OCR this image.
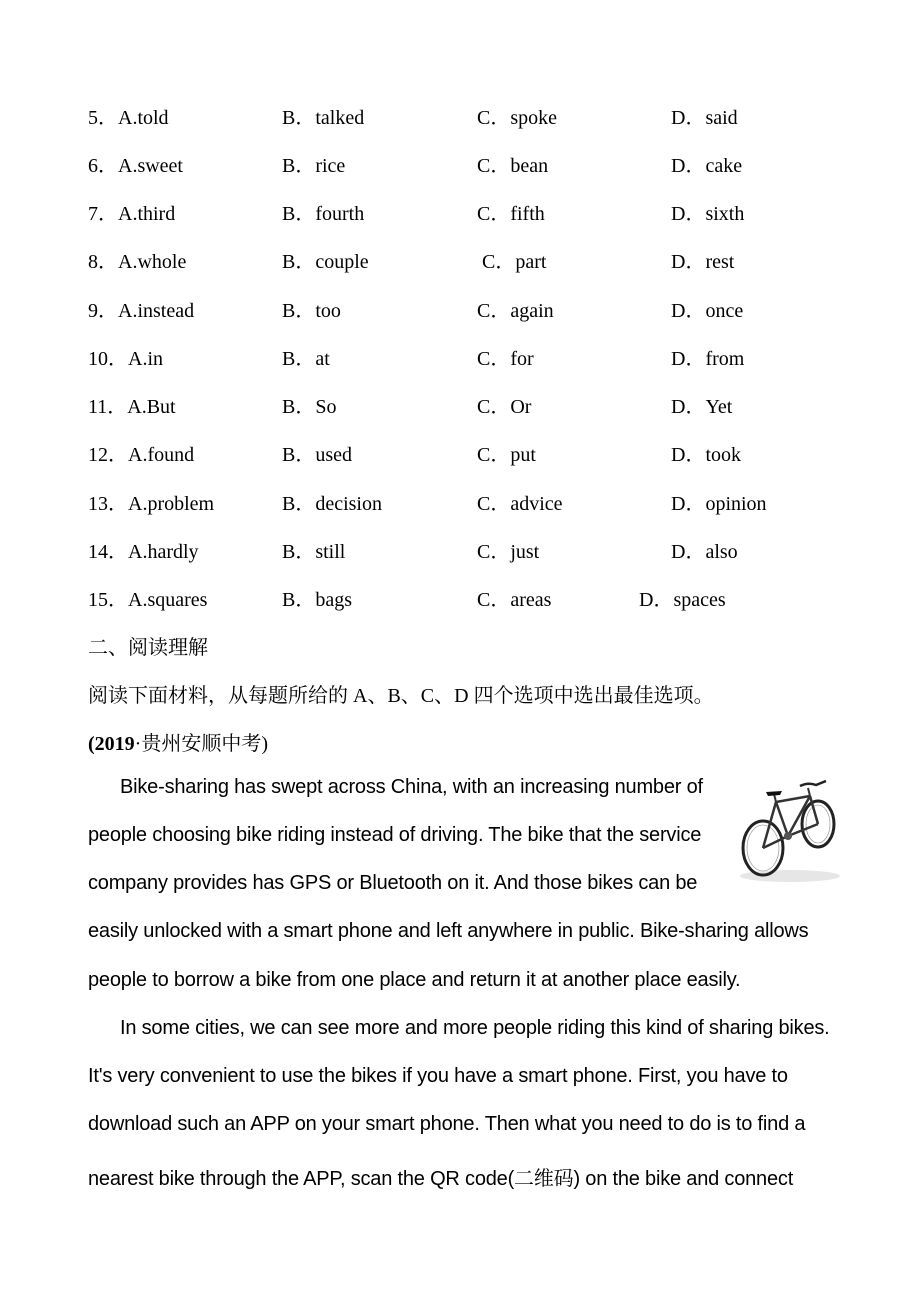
5．A.told	B．talked	C．spoke	D．said
6．A.sweet	B．rice	C．bean	D．cake
7．A.third	B．fourth	C．fifth	D．sixth
8．A.whole	B．couple	C．part	D．rest
9．A.instead	B．too	C．again	D．once
10．A.in	B．at	C．for	D．from
11．A.But	B．So	C．Or	D．Yet
12．A.found	B．used	C．put	D．took
13．A.problem	B．decision	C．advice	D．opinion
14．A.hardly	B．still	C．just	D．also
15．A.squares	B．bags	C．areas	D．spaces
二、阅读理解
阅读下面材料，从每题所给的 A、B、C、D 四个选项中选出最佳选项。
(2019·贵州安顺中考)
Bike-sharing has swept across China, with an increasing number of
people choosing bike riding instead of driving. The bike that the service
company provides has GPS or Bluetooth on it. And those bikes can be
easily unlocked with a smart phone and left anywhere in public. Bike-sharing allows
people to borrow a bike from one place and return it at another place easily.
In some cities, we can see more and more people riding this kind of sharing bikes.
It's very convenient to use the bikes if you have a smart phone. First, you have to
download such an APP on your smart phone. Then what you need to do is to find a
nearest bike through the APP, scan the QR code(二维码) on the bike and connect
